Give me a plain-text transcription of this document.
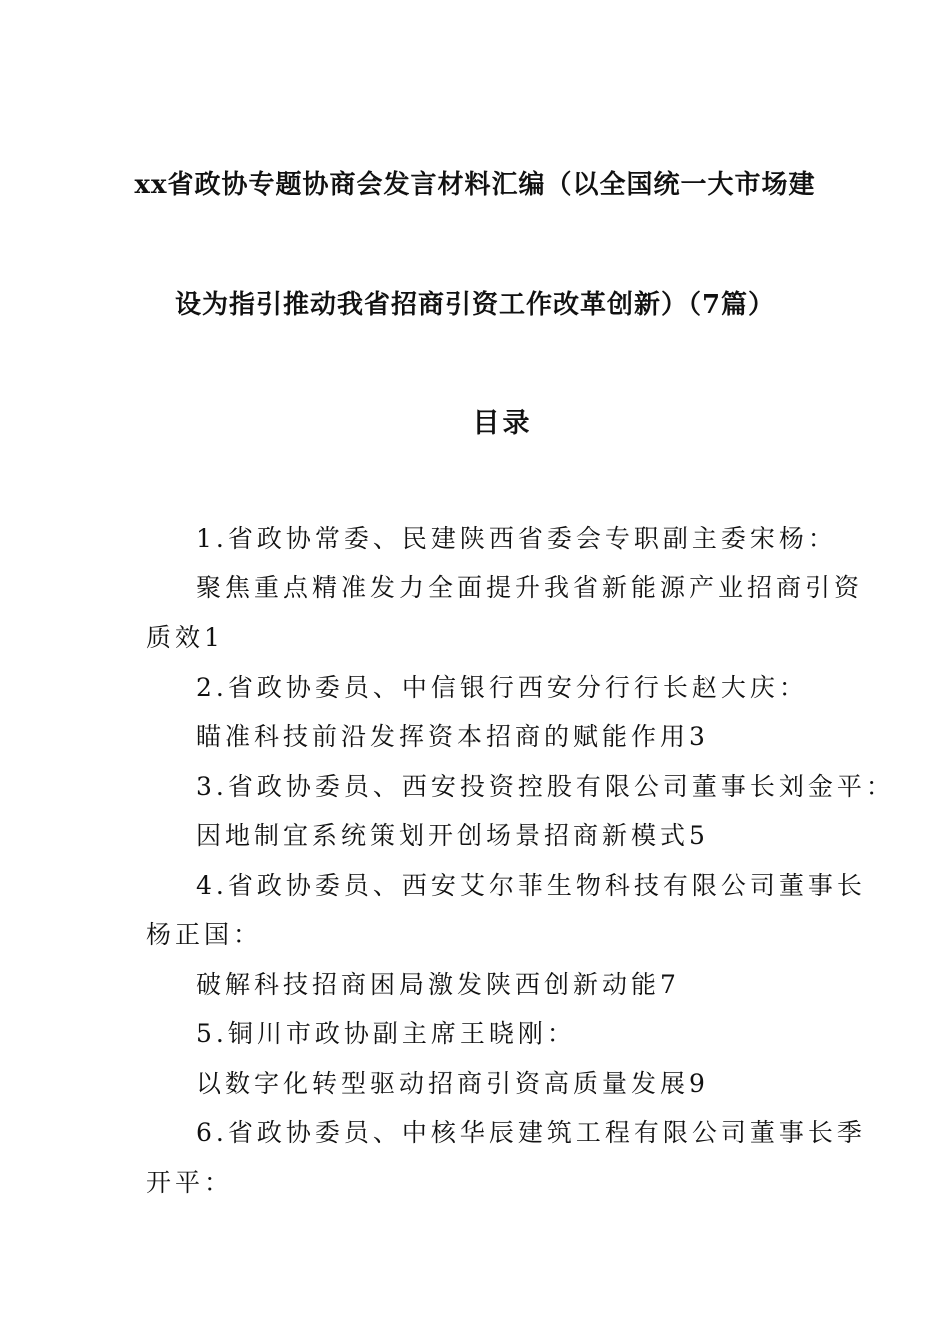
xx省政协专题协商会发言材料汇编（以全国统一大市场建
设为指引推动我省招商引资工作改革创新）（7篇）
目录
1.省政协常委、民建陕西省委会专职副主委宋杨：
聚焦重点精准发力全面提升我省新能源产业招商引资
质效1
2.省政协委员、中信银行西安分行行长赵大庆：
瞄准科技前沿发挥资本招商的赋能作用3
3.省政协委员、西安投资控股有限公司董事长刘金平：
因地制宜系统策划开创场景招商新模式5
4.省政协委员、西安艾尔菲生物科技有限公司董事长
杨正国：
破解科技招商困局激发陕西创新动能7
5.铜川市政协副主席王晓刚：
以数字化转型驱动招商引资高质量发展9
6.省政协委员、中核华辰建筑工程有限公司董事长季
开平：
